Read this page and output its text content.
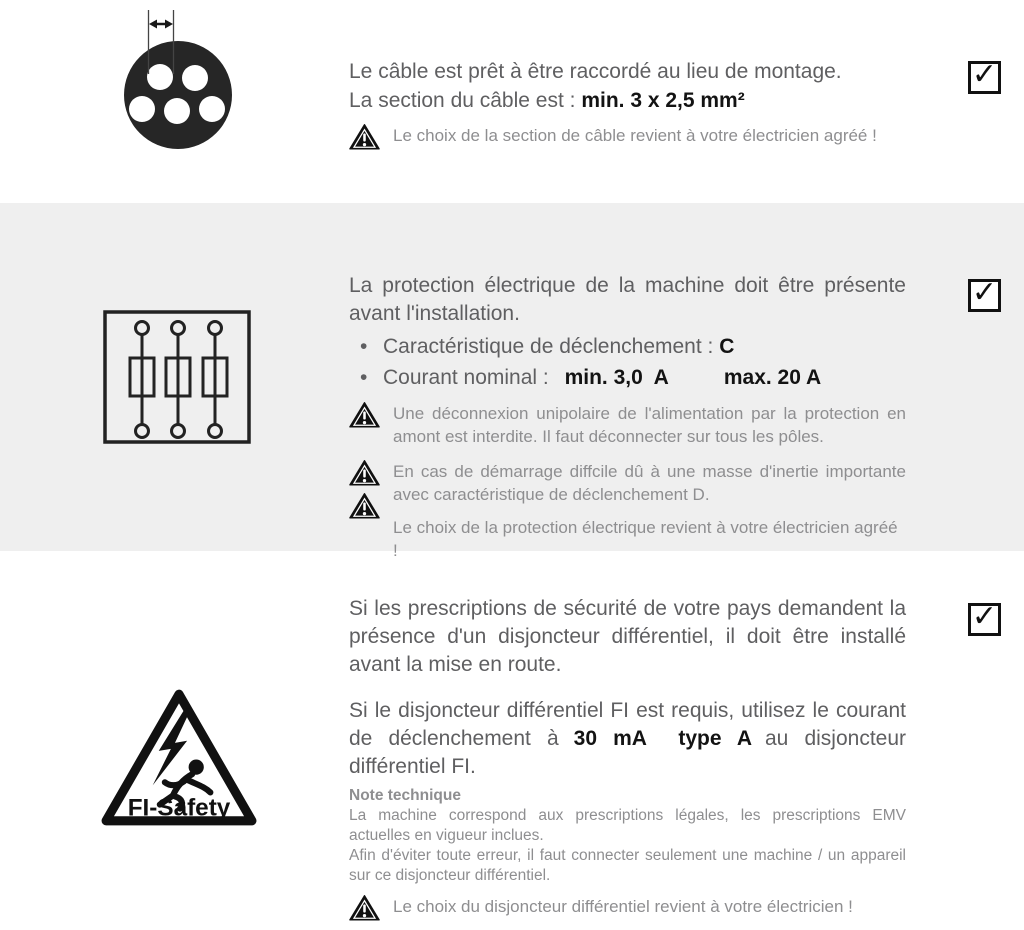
Le câble est prêt à être raccordé au lieu de montage.
La section du câble est : min. 3 x 2,5 mm²
Le choix de la section de câble revient à votre électricien agréé !
✓
La protection électrique de la machine doit être présente avant l'installation.
• Caractéristique de déclenchement : C
• Courant nominal : min. 3,0  A	max. 20 A
Une déconnexion unipolaire de l'alimentation par la protection en amont est interdite. Il faut déconnecter sur tous les pôles.
En cas de démarrage diffcile dû à une masse d'inertie importante avec caractéristique de déclenchement D.
Le choix de la protection électrique revient à votre électricien agréé !
✓
FI-Safety
Si les prescriptions de sécurité de votre pays demandent la présence d'un disjoncteur différentiel, il doit être installé avant la mise en route.
Si le disjoncteur différentiel FI est requis, utilisez le courant de déclenchement à 30 mA  type A au disjoncteur différentiel FI.
Note technique
La machine correspond aux prescriptions légales, les prescriptions EMV actuelles en vigueur inclues.
Afin d'éviter toute erreur, il faut connecter seulement une machine / un appareil sur ce disjoncteur différentiel.
Le choix du disjoncteur différentiel revient à votre électricien !
✓
